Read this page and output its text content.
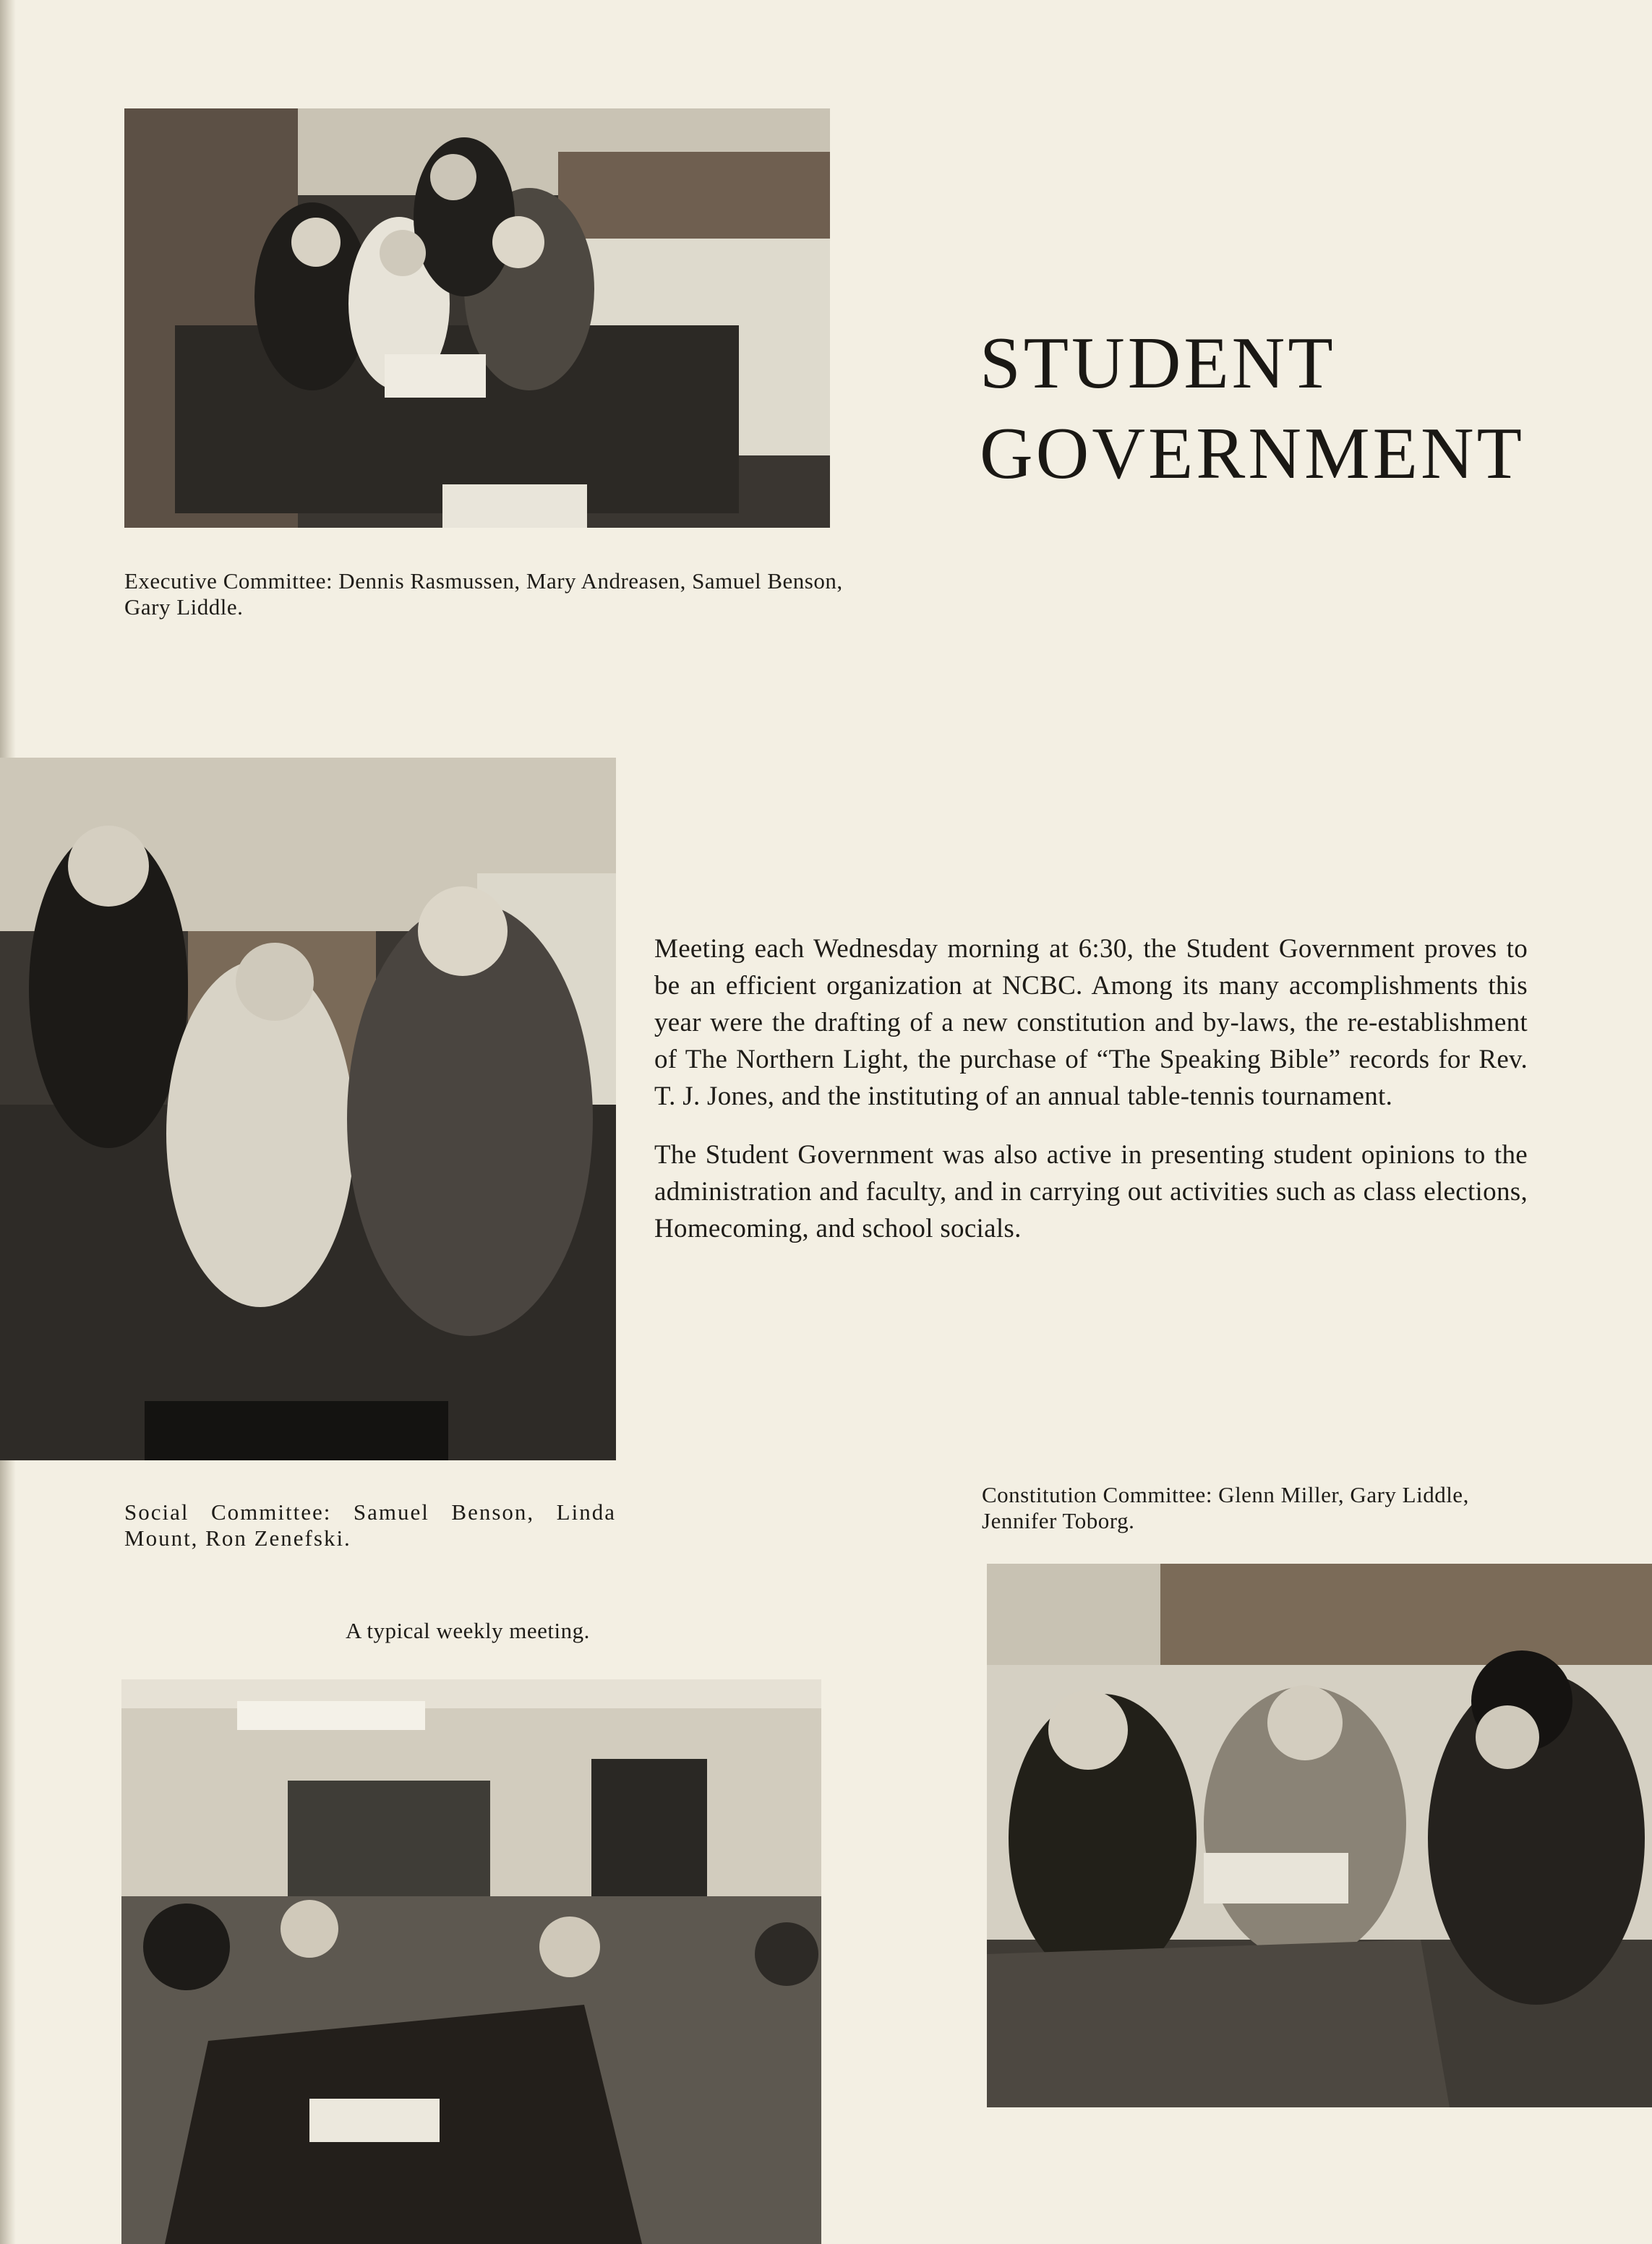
Executive Committee: Dennis Rasmussen, Mary Andreasen, Samuel Benson, Gary Liddle.
STUDENT
GOVERNMENT

Meeting each Wednesday morning at 6:30, the Student Government proves to be an efficient organization at NCBC. Among its many accomplishments this year were the drafting of a new constitution and by-laws, the re-establishment of The Northern Light, the purchase of “The Speaking Bible” records for Rev. T. J. Jones, and the instituting of an annual table-tennis tournament.

The Student Government was also active in presenting student opinions to the administration and faculty, and in carrying out activities such as class elections, Homecoming, and school socials.

Social Committee: Samuel Benson, Linda Mount, Ron Zenefski.
Constitution Committee: Glenn Miller, Gary Liddle, Jennifer Toborg.
A typical weekly meeting.
